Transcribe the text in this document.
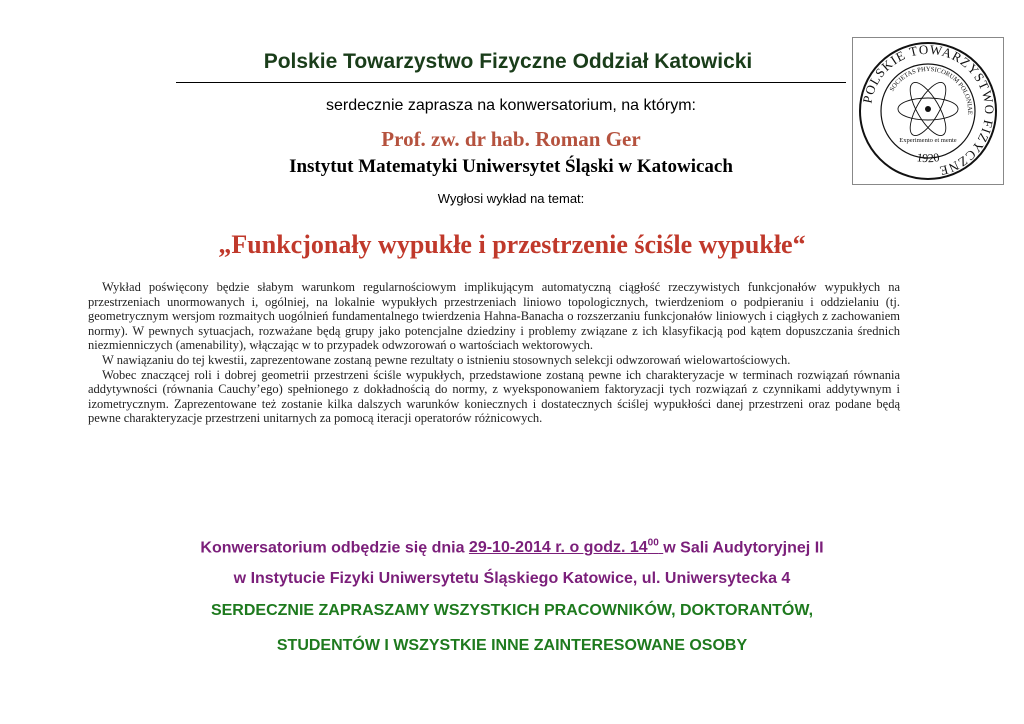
Polskie Towarzystwo Fizyczne Oddział Katowicki
serdecznie zaprasza na konwersatorium, na którym:
Prof. zw. dr hab. Roman Ger
Instytut Matematyki Uniwersytet Śląski w Katowicach
Wygłosi wykład na temat:
POLSKIE TOWARZYSTWO FIZYCZNE
SOCIETAS PHYSICORUM POLONIAE
1920
Experimento et mente
„Funkcjonały wypukłe i przestrzenie ściśle wypukłe“

Wykład poświęcony będzie słabym warunkom regularnościowym implikującym automatyczną ciągłość rzeczywistych funkcjonałów wypukłych na przestrzeniach unormowanych i, ogólniej, na lokalnie wypukłych przestrzeniach liniowo topologicznych, twierdzeniom o podpieraniu i oddzielaniu (tj. geometrycznym wersjom rozmaitych uogólnień fundamentalnego twierdzenia Hahna-Banacha o rozszerzaniu funkcjonałów liniowych i ciągłych z zachowaniem normy). W pewnych sytuacjach, rozważane będą grupy jako potencjalne dziedziny i problemy związane z ich klasyfikacją pod kątem dopuszczania średnich niezmienniczych (amenability), włączając w to przypadek odwzorowań o wartościach wektorowych.

W nawiązaniu do tej kwestii, zaprezentowane zostaną pewne rezultaty o istnieniu stosownych selekcji odwzorowań wielowartościowych.

Wobec znaczącej roli i dobrej geometrii przestrzeni ściśle wypukłych, przedstawione zostaną pewne ich charakteryzacje w terminach rozwiązań równania addytywności (równania Cauchy’ego) spełnionego z dokładnością do normy, z wyeksponowaniem faktoryzacji tych rozwiązań z czynnikami addytywnym i izometrycznym. Zaprezentowane też zostanie kilka dalszych warunków koniecznych i dostatecznych ściślej wypukłości danej przestrzeni oraz podane będą pewne charakteryzacje przestrzeni unitarnych za pomocą iteracji operatorów różnicowych.

Konwersatorium odbędzie się dnia 29-10-2014 r. o godz. $14^{00}$ w Sali Audytoryjnej II
w Instytucie Fizyki Uniwersytetu Śląskiego Katowice, ul. Uniwersytecka 4
SERDECZNIE ZAPRASZAMY WSZYSTKICH PRACOWNIKÓW, DOKTORANTÓW,
STUDENTÓW I WSZYSTKIE INNE ZAINTERESOWANE OSOBY
